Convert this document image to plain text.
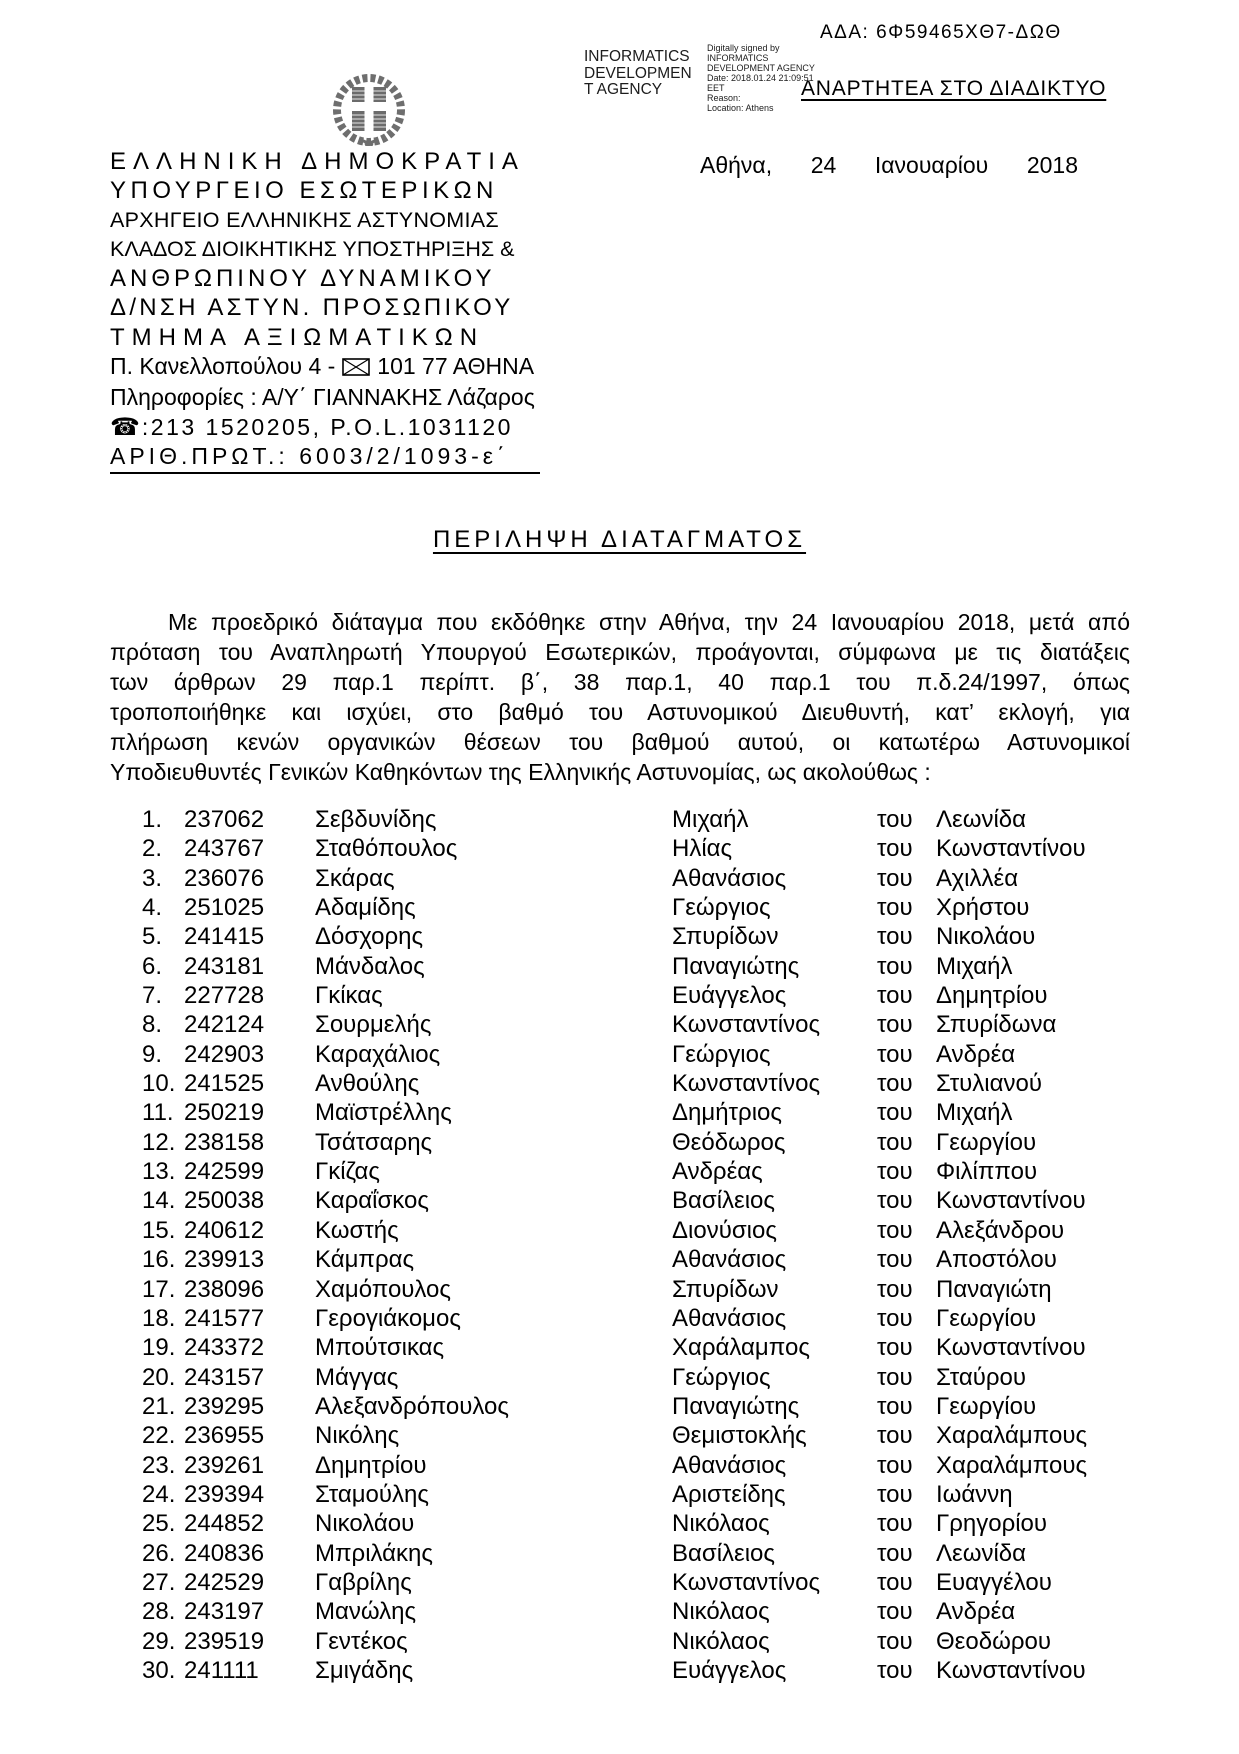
ΑΔΑ: 6Φ59465ΧΘ7-ΔΩΘ
INFORMATICS
DEVELOPMEN
T AGENCY
Digitally signed by
INFORMATICS
DEVELOPMENT AGENCY
Date: 2018.01.24 21:09:51
EET
Reason:
Location: Athens
ΑΝΑΡΤΗΤΕΑ ΣΤΟ ΔΙΑΔΙΚΤΥΟ
ΕΛΛΗΝΙΚΗ ΔΗΜΟΚΡΑΤΙΑ
ΥΠΟΥΡΓΕΙΟ ΕΣΩΤΕΡΙΚΩΝ
ΑΡΧΗΓΕΙΟ ΕΛΛΗΝΙΚΗΣ ΑΣΤΥΝΟΜΙΑΣ
ΚΛΑΔΟΣ ΔΙΟΙΚΗΤΙΚΗΣ ΥΠΟΣΤΗΡΙΞΗΣ &
ΑΝΘΡΩΠΙΝΟΥ ΔΥΝΑΜΙΚΟΥ
Δ/ΝΣΗ ΑΣΤΥΝ. ΠΡΟΣΩΠΙΚΟΥ
ΤΜΗΜΑ ΑΞΙΩΜΑΤΙΚΩΝ
Π. Κανελλοπούλου 4 - 101 77 ΑΘΗΝΑ
Πληροφορίες : Α/Υ΄ ΓΙΑΝΝΑΚΗΣ Λάζαρος
☎:213 1520205, P.O.L.1031120
ΑΡΙΘ.ΠΡΩΤ.: 6003/2/1093-ε΄
Αθήνα, 24 Ιανουαρίου 2018
ΠΕΡΙΛΗΨΗ ΔΙΑΤΑΓΜΑΤΟΣ
Με προεδρικό διάταγμα που εκδόθηκε στην Αθήνα, την 24 Ιανουαρίου 2018, μετά από
πρόταση του Αναπληρωτή Υπουργού Εσωτερικών, προάγονται, σύμφωνα με τις διατάξεις
των άρθρων 29 παρ.1 περίπτ. β΄, 38 παρ.1, 40 παρ.1 του π.δ.24/1997, όπως
τροποποιήθηκε και ισχύει, στο βαθμό του Αστυνομικού Διευθυντή, κατ’ εκλογή, για
πλήρωση κενών οργανικών θέσεων του βαθμού αυτού, οι κατωτέρω Αστυνομικοί
Υποδιευθυντές Γενικών Καθηκόντων της Ελληνικής Αστυνομίας, ως ακολούθως :
1. 237062 Σεβδυνίδης	Μιχαήλ	του Λεωνίδα
2. 243767 Σταθόπουλος	Ηλίας	του Κωνσταντίνου
3. 236076 Σκάρας	Αθανάσιος	του Αχιλλέα
4. 251025 Αδαμίδης	Γεώργιος	του Χρήστου
5. 241415 Δόσχορης	Σπυρίδων	του Νικολάου
6. 243181 Μάνδαλος	Παναγιώτης	του Μιχαήλ
7. 227728 Γκίκας	Ευάγγελος	του Δημητρίου
8. 242124 Σουρμελής	Κωνσταντίνος του Σπυρίδωνα
9. 242903 Καραχάλιος	Γεώργιος	του Ανδρέα
10. 241525 Ανθούλης	Κωνσταντίνος του Στυλιανού
11. 250219 Μαϊστρέλλης	Δημήτριος	του Μιχαήλ
12. 238158 Τσάτσαρης	Θεόδωρος	του Γεωργίου
13. 242599 Γκίζας	Ανδρέας	του Φιλίππου
14. 250038 Καραΐσκος	Βασίλειος	του Κωνσταντίνου
15. 240612 Κωστής	Διονύσιος	του Αλεξάνδρου
16. 239913 Κάμπρας	Αθανάσιος	του Αποστόλου
17. 238096 Χαμόπουλος	Σπυρίδων	του Παναγιώτη
18. 241577 Γερογιάκομος	Αθανάσιος	του Γεωργίου
19. 243372 Μπούτσικας	Χαράλαμπος	του Κωνσταντίνου
20. 243157 Μάγγας	Γεώργιος	του Σταύρου
21. 239295 Αλεξανδρόπουλος	Παναγιώτης	του Γεωργίου
22. 236955 Νικόλης	Θεμιστοκλής	του Χαραλάμπους
23. 239261 Δημητρίου	Αθανάσιος	του Χαραλάμπους
24. 239394 Σταμούλης	Αριστείδης	του Ιωάννη
25. 244852 Νικολάου	Νικόλαος	του Γρηγορίου
26. 240836 Μπριλάκης	Βασίλειος	του Λεωνίδα
27. 242529 Γαβρίλης	Κωνσταντίνος του Ευαγγέλου
28. 243197 Μανώλης	Νικόλαος	του Ανδρέα
29. 239519 Γεντέκος	Νικόλαος	του Θεοδώρου
30. 241111 Σμιγάδης	Ευάγγελος	του Κωνσταντίνου
